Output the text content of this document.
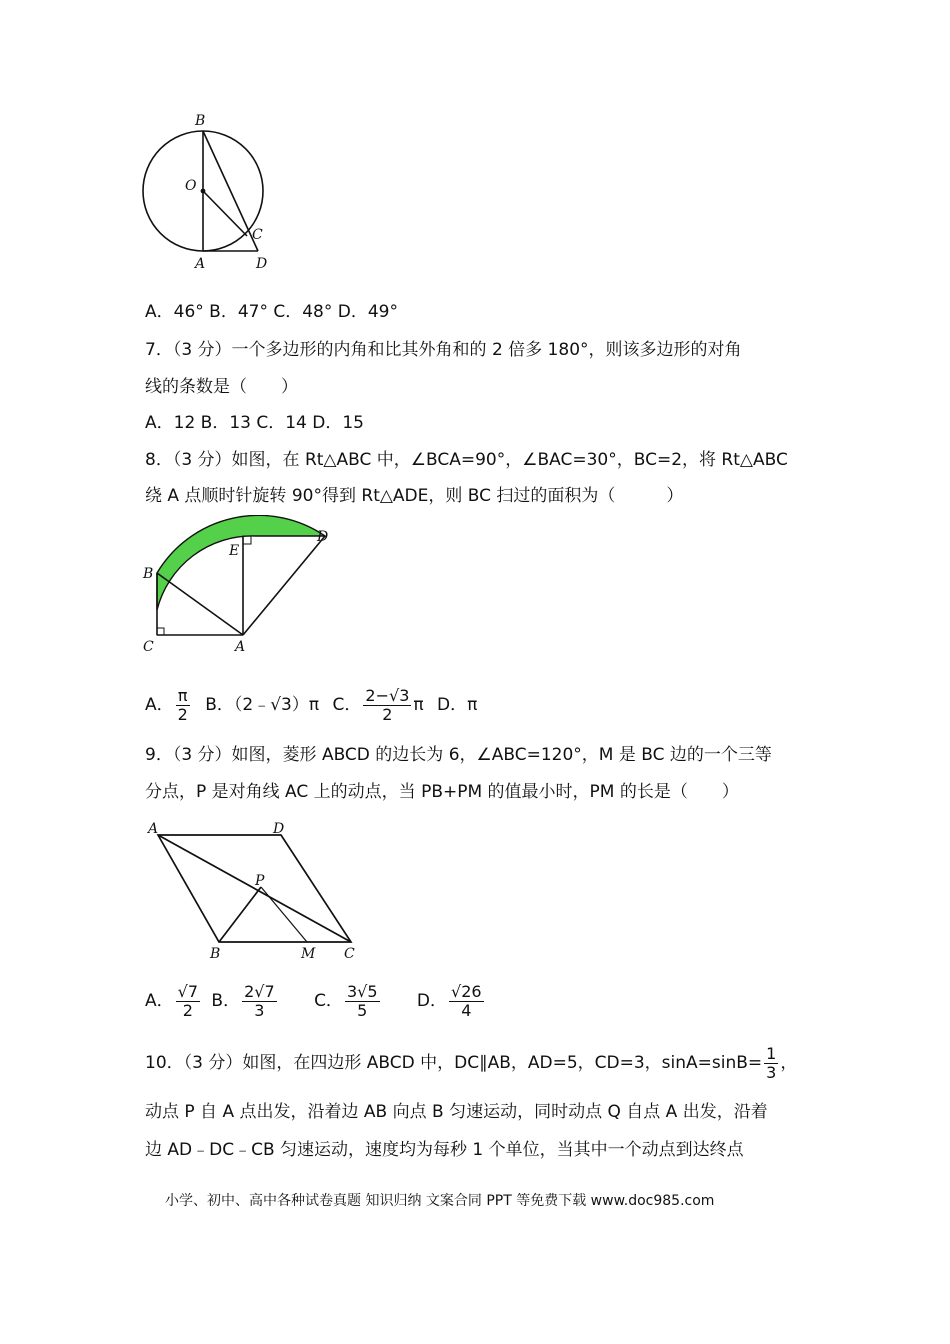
B
O
C
A	D
A．46° B．47° C．48° D．49°
7．（3 分）一个多边形的内角和比其外角和的 2 倍多 180°，则该多边形的对角
线的条数是（　　）
A．12 B．13 C．14 D．15
8．（3 分）如图，在 Rt△ABC 中，∠BCA=90°，∠BAC=30°，BC=2，将 Rt△ABC
绕 A 点顺时针旋转 90°得到 Rt△ADE，则 BC 扫过的面积为（　　　）
B
E
D
C	A
A． $\frac{\pi}{2}$ B．（2﹣√3）π C． $\frac{2-√3}{2}$ π D．π
9．（3 分）如图，菱形 ABCD 的边长为 6，∠ABC=120°，M 是 BC 边的一个三等
分点，P 是对角线 AC 上的动点，当 PB+PM 的值最小时，PM 的长是（　　）
A	D
P
B	M C
A． $\frac{√7}{2}$ B． $\frac{2√7}{3}$ C． $\frac{3√5}{5}$ D． $\frac{√26}{4}$
10．（3 分）如图，在四边形 ABCD 中，DC∥AB，AD=5，CD=3，$\sin A=\sin B= \frac{1}{3}$ ，
动点 P 自 A 点出发，沿着边 AB 向点 B 匀速运动，同时动点 Q 自点 A 出发，沿着
边 AD﹣DC﹣CB 匀速运动，速度均为每秒 1 个单位，当其中一个动点到达终点
小学、初中、高中各种试卷真题 知识归纳 文案合同 PPT 等免费下载 www.doc985.com
